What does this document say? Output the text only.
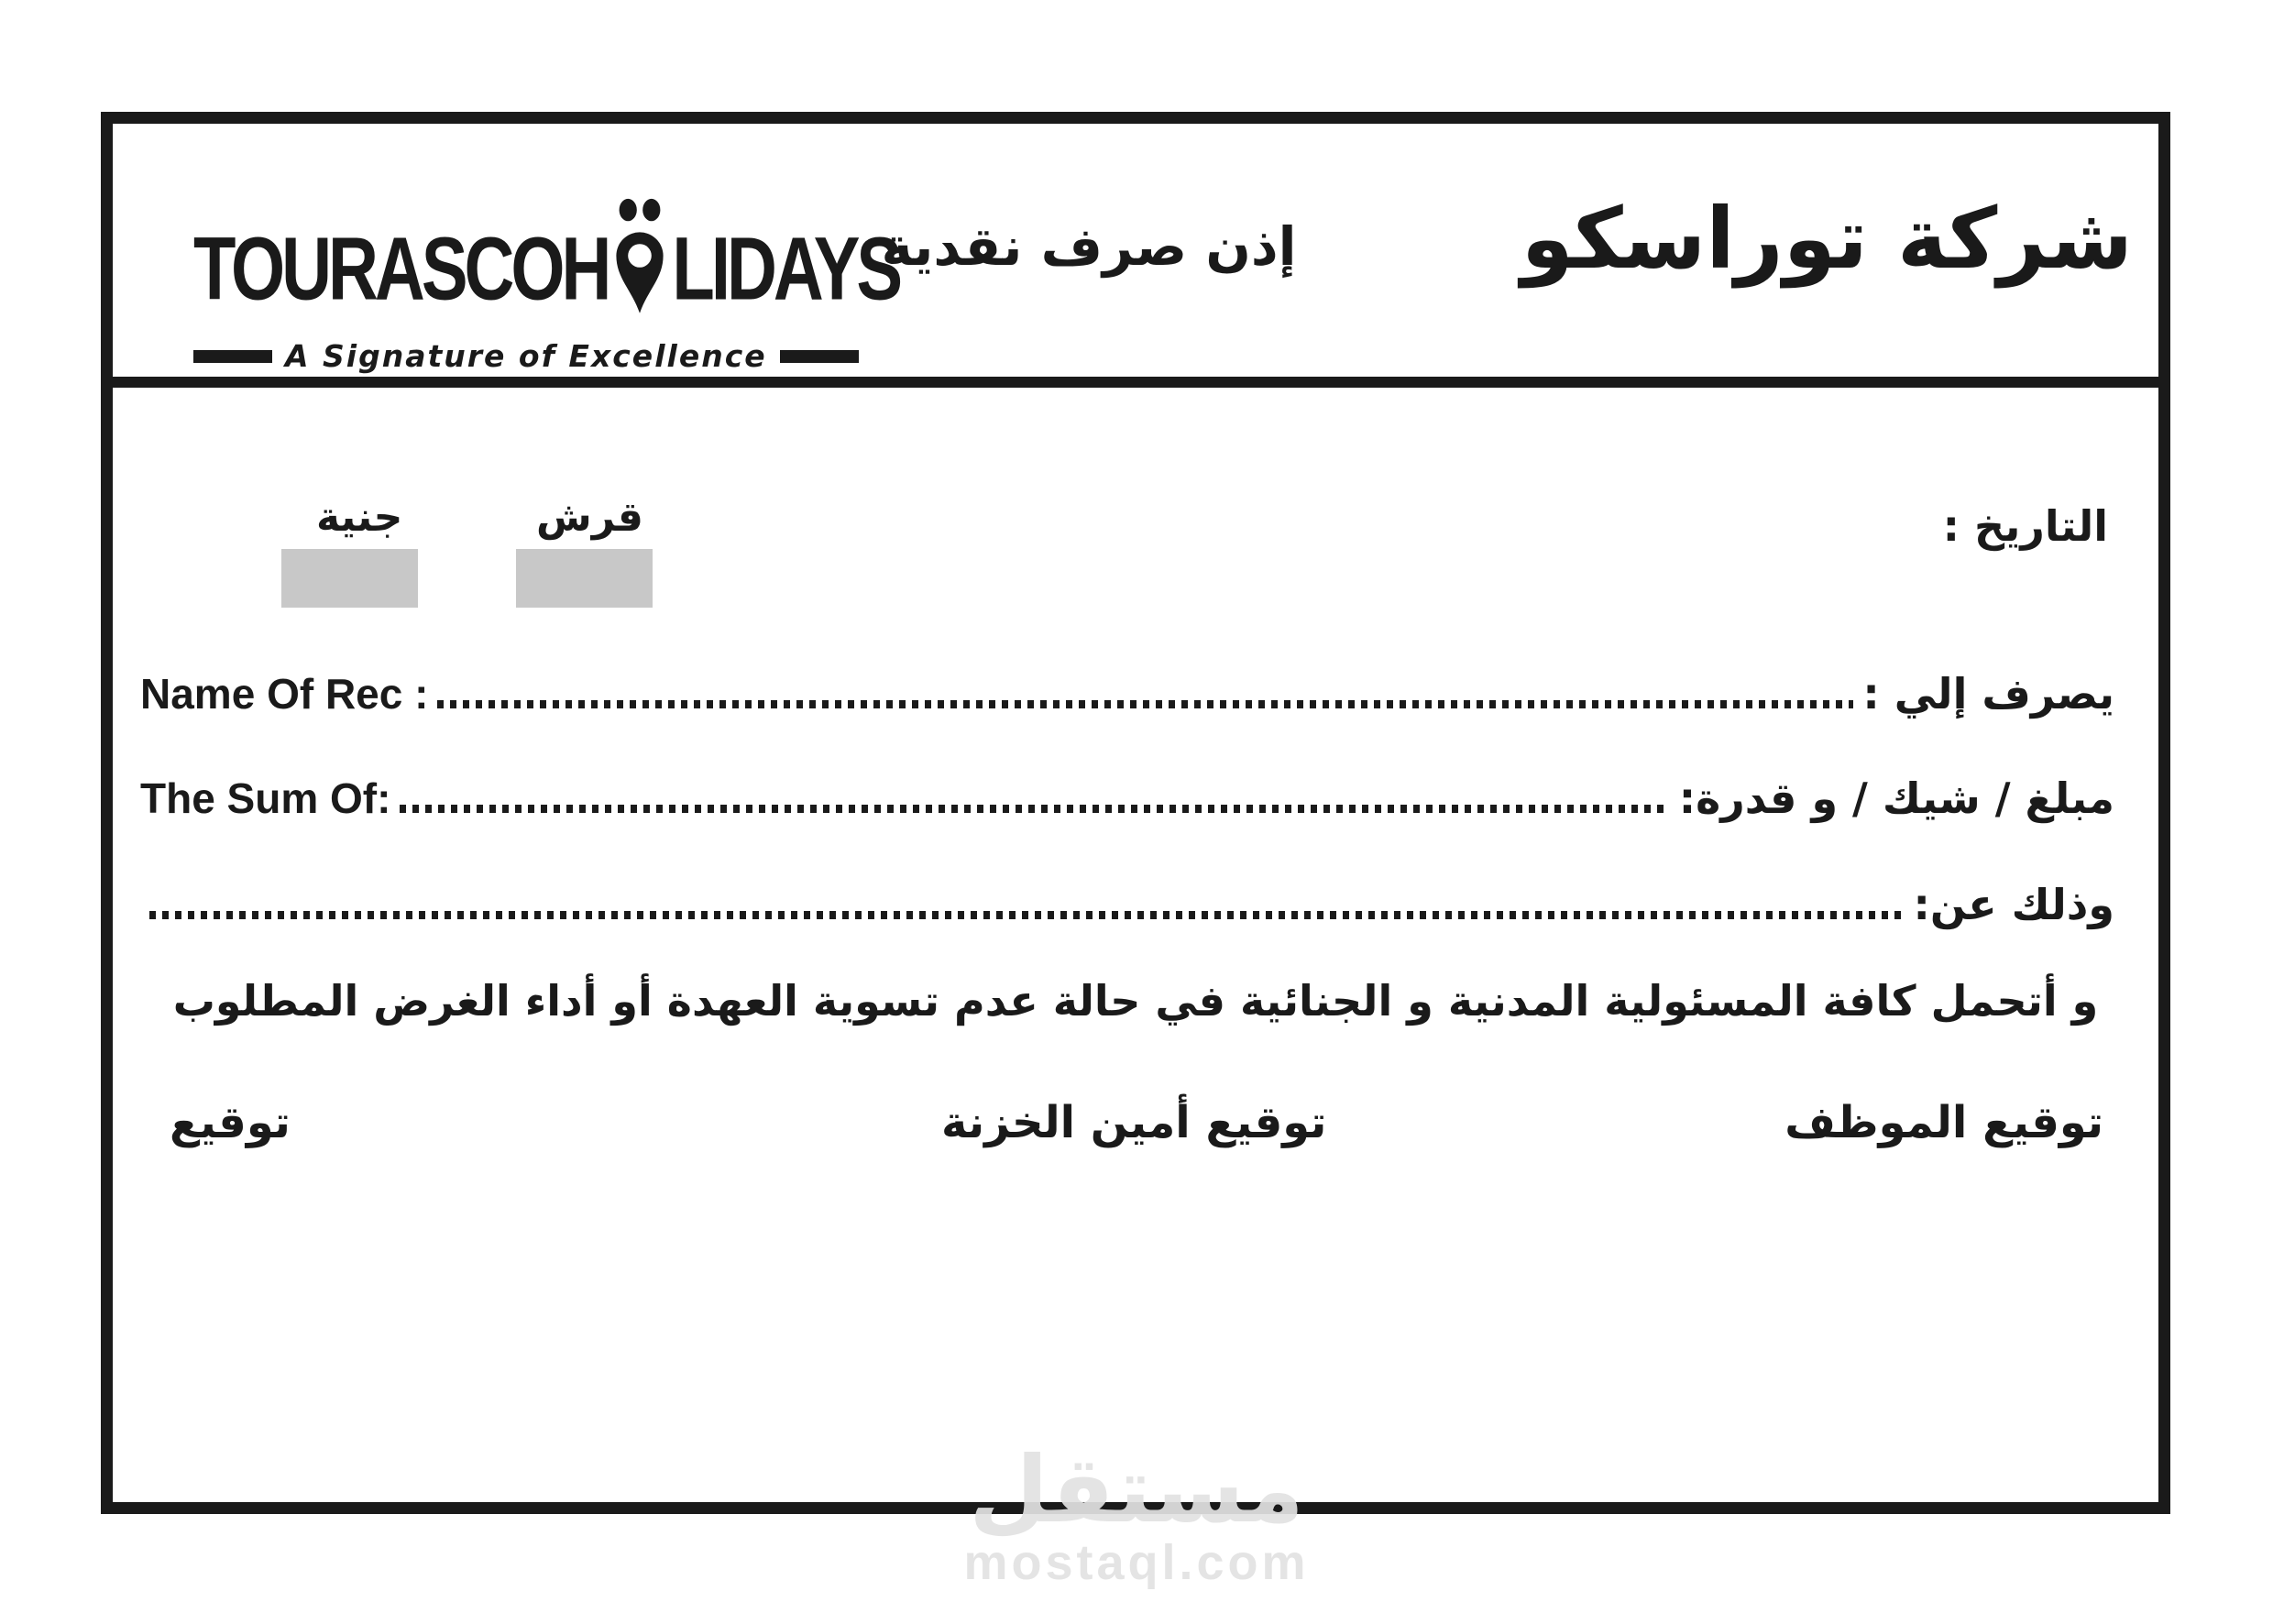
TOURASCOH LIDAYS
A Signature of Excellence
إذن صرف نقدية	شركة توراسكو
التاريخ :
جنية	قرش
Name Of Rec :	يصرف إلي :
The Sum Of:	مبلغ / شيك / و قدرة:
وذلك عن:
و أتحمل كافة المسئولية المدنية و الجنائية في حالة عدم تسوية العهدة أو أداء الغرض المطلوب
توقيع الموظف
توقيع أمين الخزنة
توقيع
مستقل
mostaql.com
